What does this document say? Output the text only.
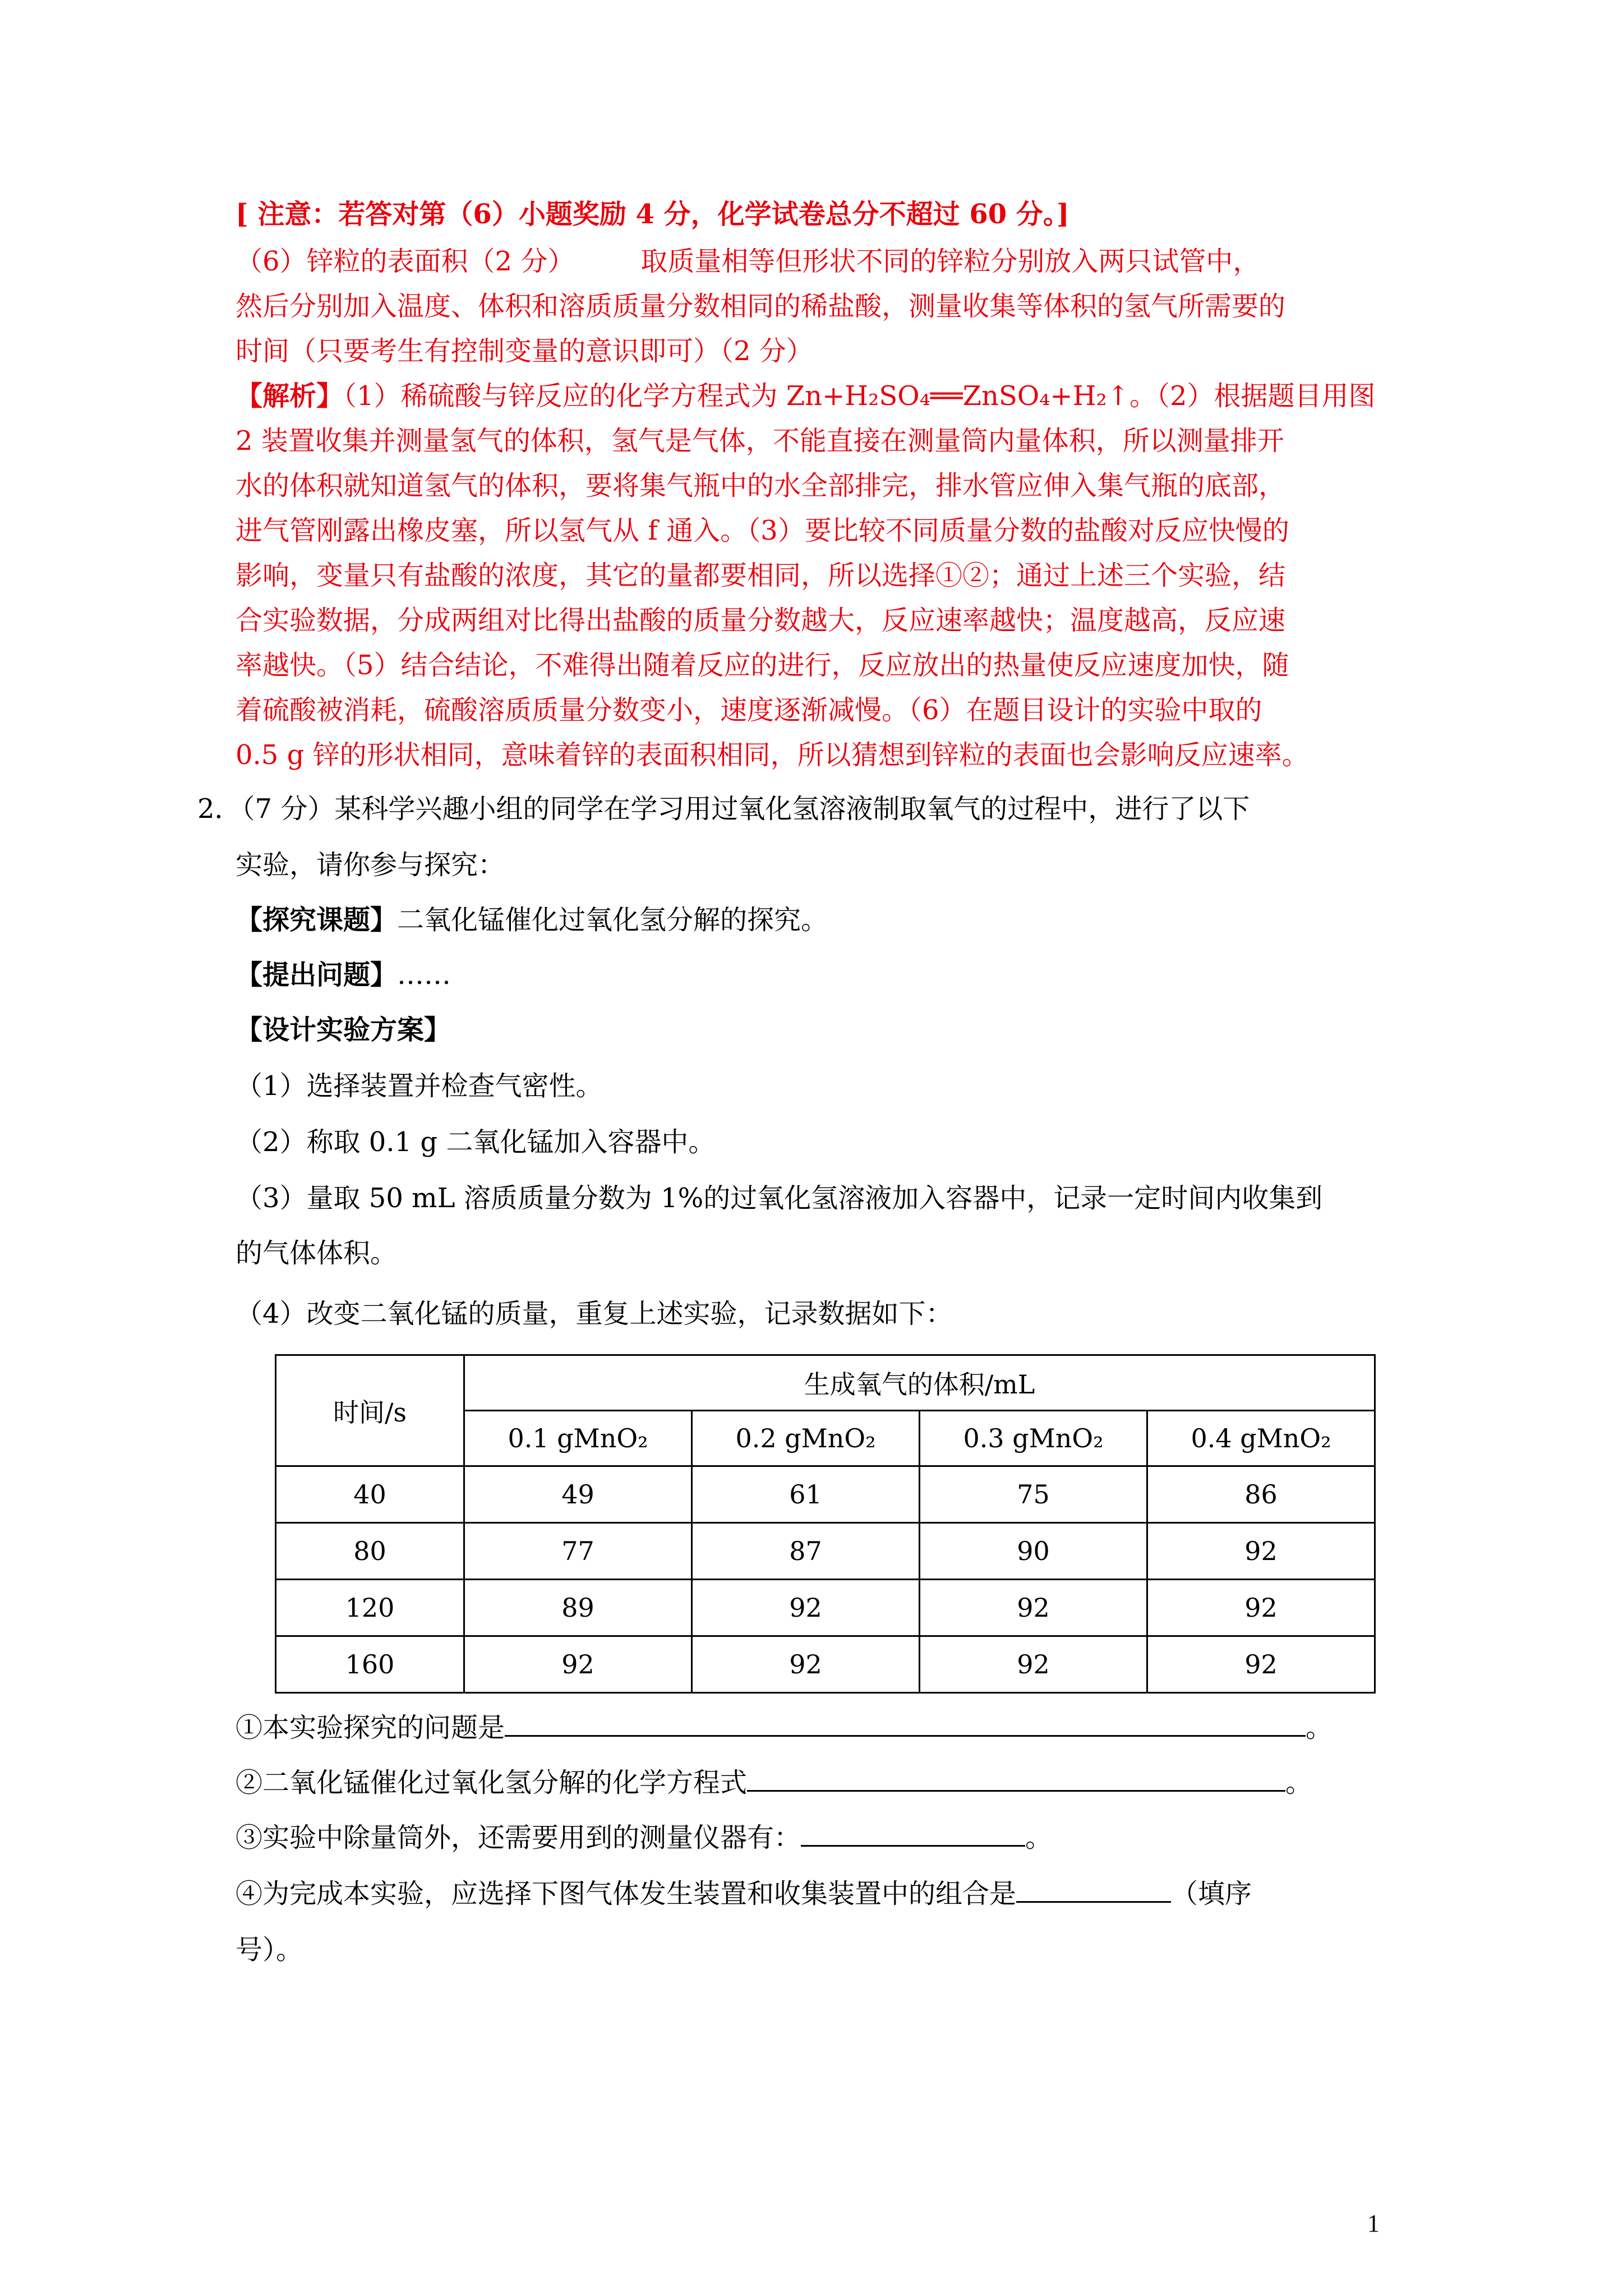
[ 注意：若答对第（6）小题奖励 4 分，化学试卷总分不超过 60 分。]
（6）锌粒的表面积（2 分） 取质量相等但形状不同的锌粒分别放入两只试管中，
然后分别加入温度、体积和溶质质量分数相同的稀盐酸，测量收集等体积的氢气所需要的
时间（只要考生有控制变量的意识即可）（2 分）
【解析】（1）稀硫酸与锌反应的化学方程式为 Zn+H₂SO₄══ZnSO₄+H₂↑。（2）根据题目用图
2 装置收集并测量氢气的体积，氢气是气体，不能直接在测量筒内量体积，所以测量排开
水的体积就知道氢气的体积，要将集气瓶中的水全部排完，排水管应伸入集气瓶的底部，
进气管刚露出橡皮塞，所以氢气从 f 通入。（3）要比较不同质量分数的盐酸对反应快慢的
影响，变量只有盐酸的浓度，其它的量都要相同，所以选择①②；通过上述三个实验，结
合实验数据，分成两组对比得出盐酸的质量分数越大，反应速率越快；温度越高，反应速
率越快。（5）结合结论，不难得出随着反应的进行，反应放出的热量使反应速度加快，随
着硫酸被消耗，硫酸溶质质量分数变小，速度逐渐减慢。（6）在题目设计的实验中取的
0.5 g 锌的形状相同，意味着锌的表面积相同，所以猜想到锌粒的表面也会影响反应速率。
2．（7 分）某科学兴趣小组的同学在学习用过氧化氢溶液制取氧气的过程中，进行了以下
实验，请你参与探究：
【探究课题】二氧化锰催化过氧化氢分解的探究。
【提出问题】……
【设计实验方案】
（1）选择装置并检查气密性。
（2）称取 0.1 g 二氧化锰加入容器中。
（3）量取 50 mL 溶质质量分数为 1%的过氧化氢溶液加入容器中，记录一定时间内收集到
的气体体积。
（4）改变二氧化锰的质量，重复上述实验，记录数据如下：
时间/s	生成氧气的体积/mL			
	0.1 gMnO₂	0.2 gMnO₂	0.3 gMnO₂	0.4 gMnO₂
40	49	61	75	86
80	77	87	90	92
120	89	92	92	92
160	92	92	92	92
①本实验探究的问题是	。
②二氧化锰催化过氧化氢分解的化学方程式	。
③实验中除量筒外，还需要用到的测量仪器有：	。
④为完成本实验，应选择下图气体发生装置和收集装置中的组合是	（填序
号）。
1
